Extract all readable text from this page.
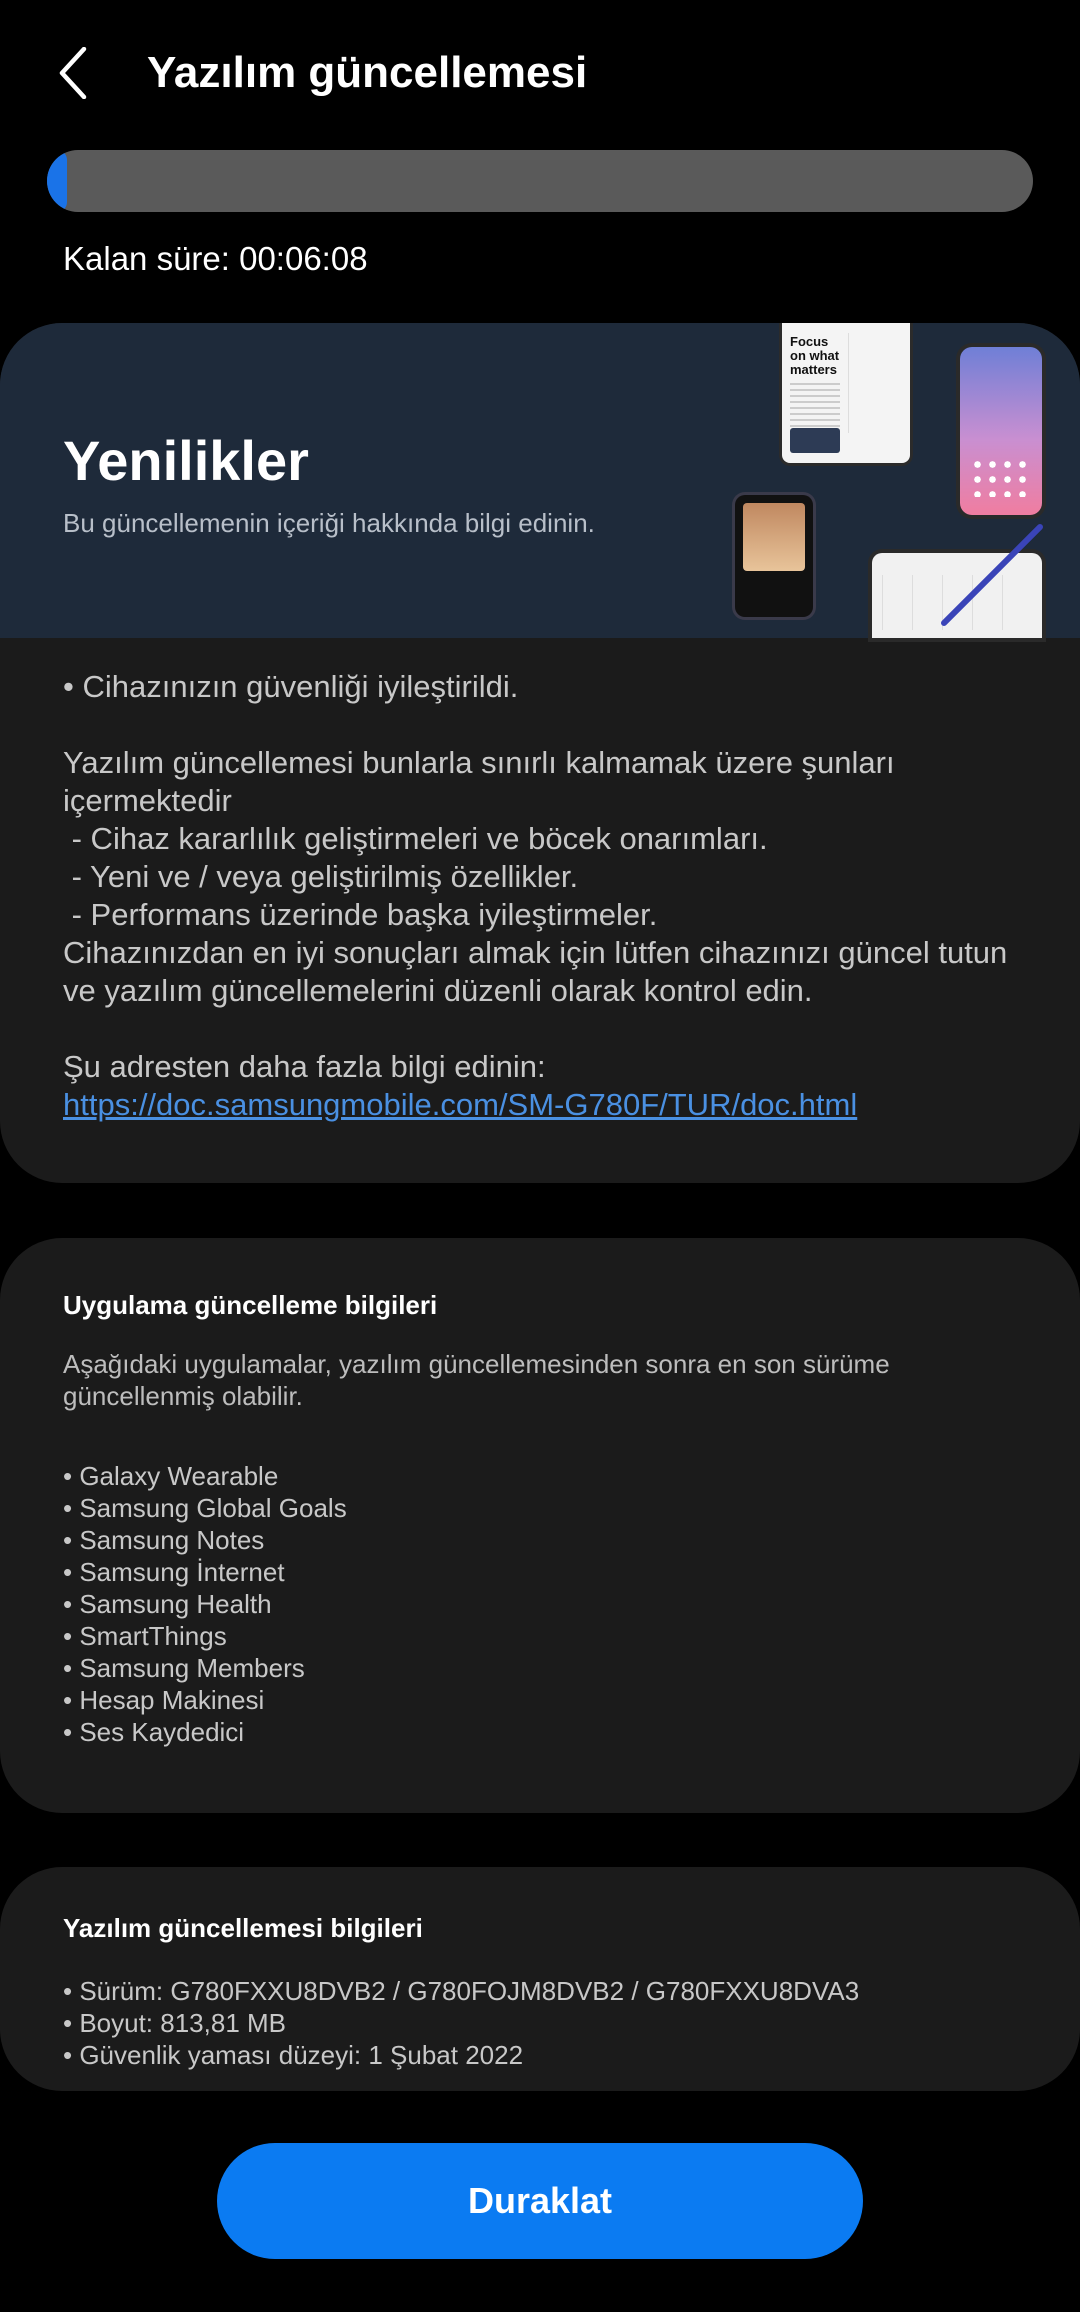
Yazılım güncellemesi
Kalan süre: 00:06:08
Yenilikler
Bu güncellemenin içeriği hakkında bilgi edinin.
Focus on what matters
• Cihazınızın güvenliği iyileştirildi.
Yazılım güncellemesi bunlarla sınırlı kalmamak üzere şunları içermektedir
- Cihaz kararlılık geliştirmeleri ve böcek onarımları.
- Yeni ve / veya geliştirilmiş özellikler.
- Performans üzerinde başka iyileştirmeler.
Cihazınızdan en iyi sonuçları almak için lütfen cihazınızı güncel tutun ve yazılım güncellemelerini düzenli olarak kontrol edin.
Şu adresten daha fazla bilgi edinin:
https://doc.samsungmobile.com/SM-G780F/TUR/doc.html
Uygulama güncelleme bilgileri
Aşağıdaki uygulamalar, yazılım güncellemesinden sonra en son sürüme güncellenmiş olabilir.
• Galaxy Wearable
• Samsung Global Goals
• Samsung Notes
• Samsung İnternet
• Samsung Health
• SmartThings
• Samsung Members
• Hesap Makinesi
• Ses Kaydedici
Yazılım güncellemesi bilgileri
• Sürüm: G780FXXU8DVB2 / G780FOJM8DVB2 / G780FXXU8DVA3
• Boyut: 813,81 MB
• Güvenlik yaması düzeyi: 1 Şubat 2022
Duraklat
